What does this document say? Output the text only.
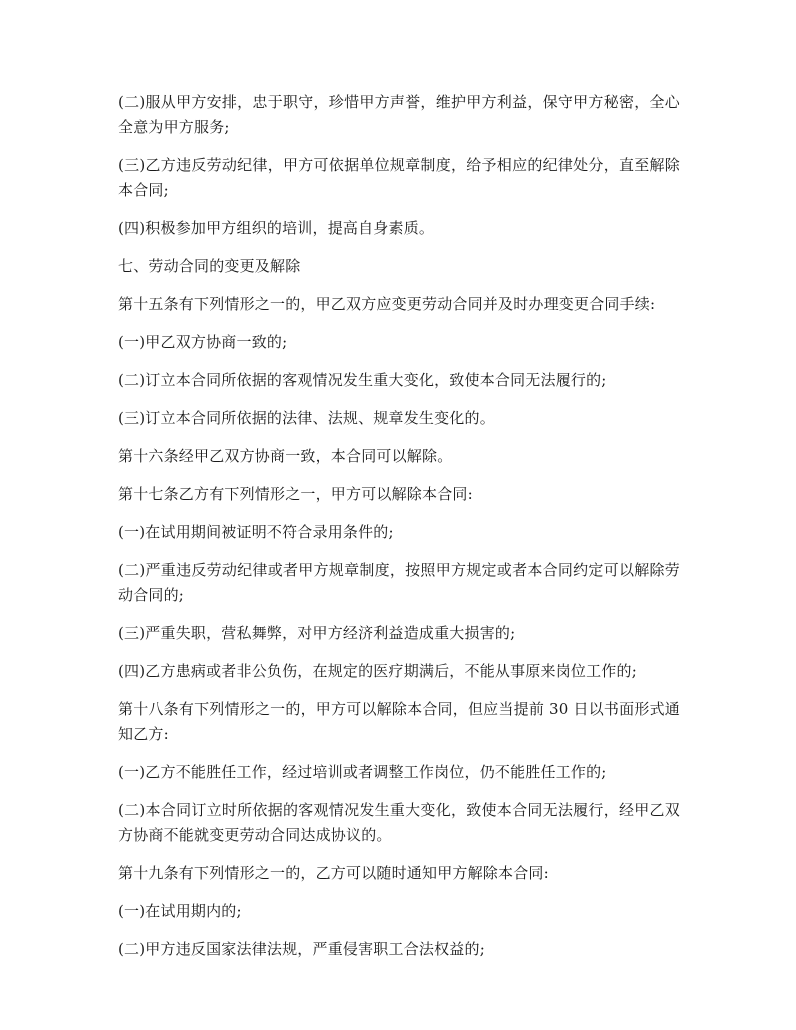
(二)服从甲方安排，忠于职守，珍惜甲方声誉，维护甲方利益，保守甲方秘密，全心全意为甲方服务;

(三)乙方违反劳动纪律，甲方可依据单位规章制度，给予相应的纪律处分，直至解除本合同;

(四)积极参加甲方组织的培训，提高自身素质。

七、劳动合同的变更及解除

第十五条有下列情形之一的，甲乙双方应变更劳动合同并及时办理变更合同手续:

(一)甲乙双方协商一致的;

(二)订立本合同所依据的客观情况发生重大变化，致使本合同无法履行的;

(三)订立本合同所依据的法律、法规、规章发生变化的。

第十六条经甲乙双方协商一致，本合同可以解除。

第十七条乙方有下列情形之一，甲方可以解除本合同:

(一)在试用期间被证明不符合录用条件的;

(二)严重违反劳动纪律或者甲方规章制度，按照甲方规定或者本合同约定可以解除劳动合同的;

(三)严重失职，营私舞弊，对甲方经济利益造成重大损害的;

(四)乙方患病或者非公负伤，在规定的医疗期满后，不能从事原来岗位工作的;

第十八条有下列情形之一的，甲方可以解除本合同，但应当提前 30 日以书面形式通知乙方:

(一)乙方不能胜任工作，经过培训或者调整工作岗位，仍不能胜任工作的;

(二)本合同订立时所依据的客观情况发生重大变化，致使本合同无法履行，经甲乙双方协商不能就变更劳动合同达成协议的。

第十九条有下列情形之一的，乙方可以随时通知甲方解除本合同:

(一)在试用期内的;

(二)甲方违反国家法律法规，严重侵害职工合法权益的;
